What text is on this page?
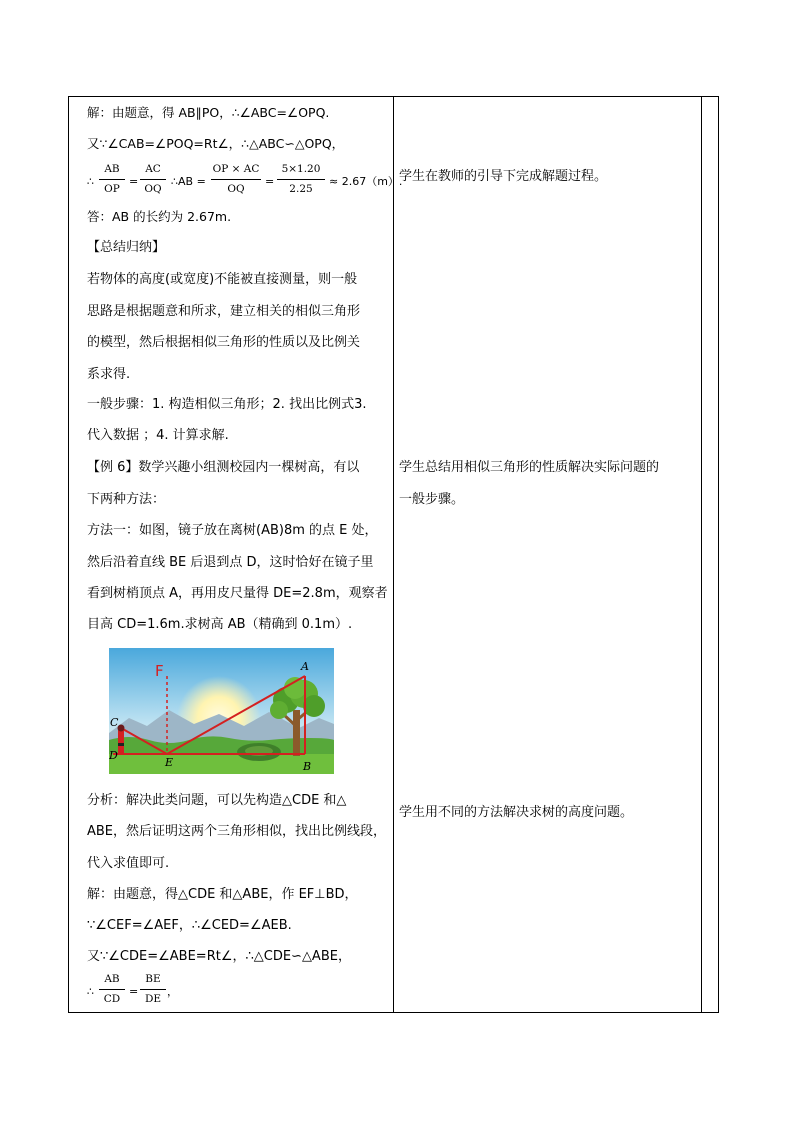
解：由题意，得 AB∥PO，∴∠ABC=∠OPQ.
又∵∠CAB=∠POQ=Rt∠，∴△ABC∽△OPQ，
∴
AB
OP
=
AC
OQ
∴AB =
OP × AC
OQ
=
5×1.20
2.25
≈ 2.67（m）.
答：AB 的长约为 2.67m.
【总结归纳】
若物体的高度(或宽度)不能被直接测量，则一般
思路是根据题意和所求，建立相关的相似三角形
的模型，然后根据相似三角形的性质以及比例关
系求得.
一般步骤：1. 构造相似三角形；2. 找出比例式3.
代入数据 ；4. 计算求解.
【例 6】数学兴趣小组测校园内一棵树高，有以
下两种方法：
方法一：如图，镜子放在离树(AB)8m 的点 E 处，
然后沿着直线 BE 后退到点 D，这时恰好在镜子里
看到树梢顶点 A，再用皮尺量得 DE=2.8m，观察者
目高 CD=1.6m.求树高 AB（精确到 0.1m）.
分析：解决此类问题，可以先构造△CDE 和△
ABE，然后证明这两个三角形相似，找出比例线段，
代入求值即可.
解：由题意，得△CDE 和△ABE，作 EF⊥BD，
∵∠CEF=∠AEF，∴∠CED=∠AEB.
又∵∠CDE=∠ABE=Rt∠，∴△CDE∽△ABE，
∴
AB
CD
=
BE
DE
，
F	A
C
D
E	B
学生在教师的引导下完成解题过程。
学生总结用相似三角形的性质解决实际问题的
一般步骤。
学生用不同的方法解决求树的高度问题。
